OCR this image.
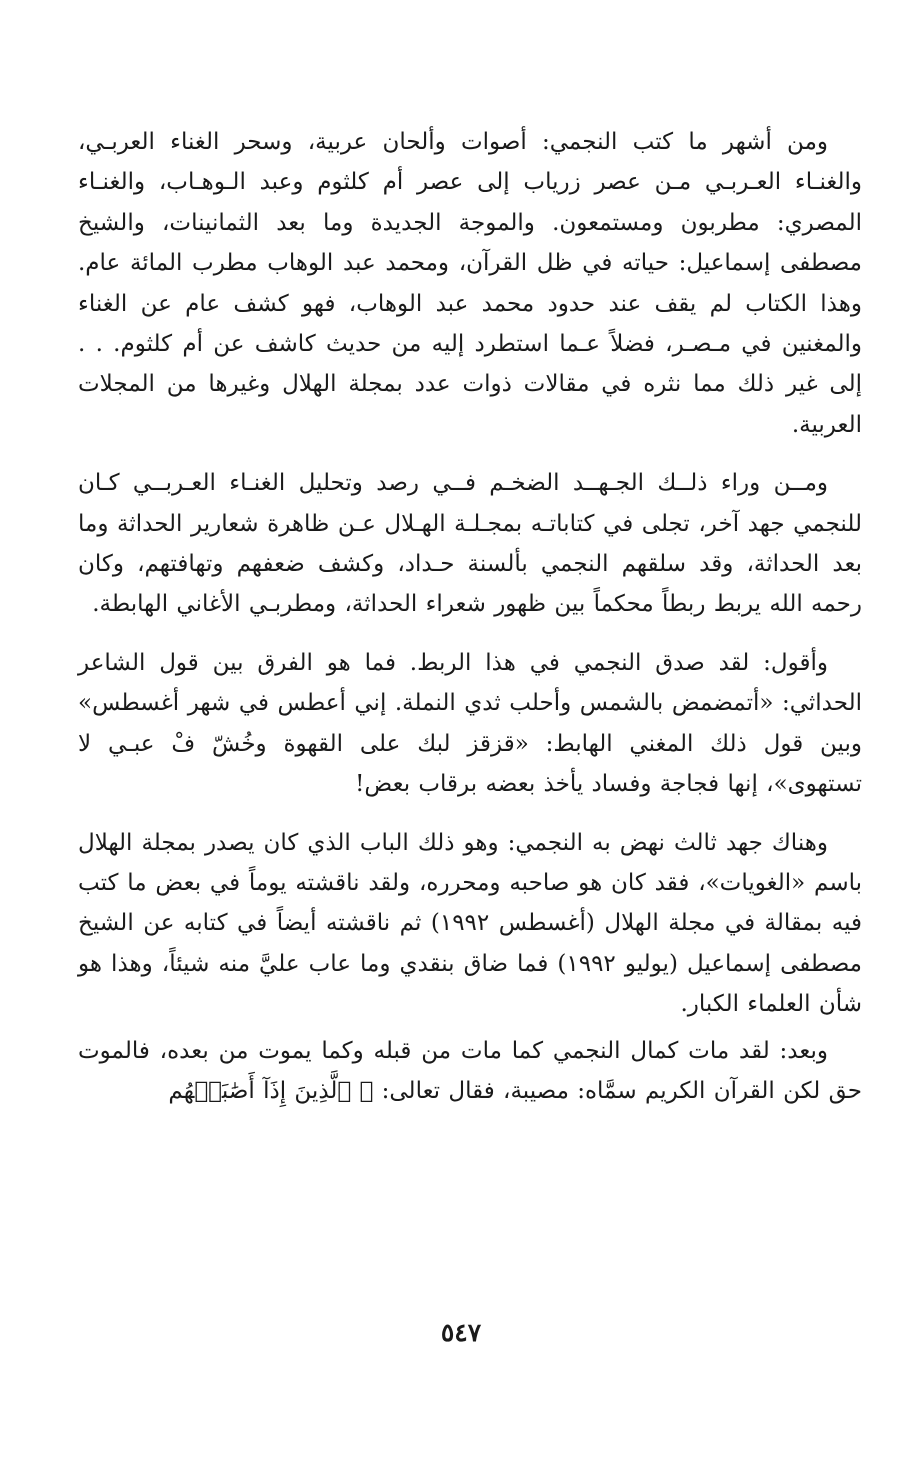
ومن أشهر ما كتب النجمي: أصوات وألحان عربية، وسحر الغناء العربـي، والغنـاء العـربـي مـن عصر زرياب إلى عصر أم كلثوم وعبد الـوهـاب، والغنـاء المصري: مطربون ومستمعون. والموجة الجديدة وما بعد الثمانينات، والشيخ مصطفى إسماعيل: حياته في ظل القرآن، ومحمد عبد الوهاب مطرب المائة عام. وهذا الكتاب لم يقف عند حدود محمد عبد الوهاب، فهو كشف عام عن الغناء والمغنين في مـصـر، فضلاً عـما استطرد إليه من حديث كاشف عن أم كلثوم. . . إلى غير ذلك مما نثره في مقالات ذوات عدد بمجلة الهلال وغيرها من المجلات العربية.

ومــن وراء ذلــك الجـهــد الضخـم فــي رصد وتحليل الغنـاء العـربــي كـان للنجمي جهد آخر، تجلى في كتاباتـه بمجـلـة الهـلال عـن ظاهرة شعارير الحداثة وما بعد الحداثة، وقد سلقهم النجمي بألسنة حـداد، وكشف ضعفهم وتهافتهم، وكان رحمه الله يربط ربطاً محكماً بين ظهور شعراء الحداثة، ومطربـي الأغاني الهابطة.

وأقول: لقد صدق النجمي في هذا الربط. فما هو الفرق بين قول الشاعر الحداثي: «أتمضمض بالشمس وأحلب ثدي النملة. إني أعطس في شهر أغسطس» وبين قول ذلك المغني الهابط: «قزقز لبك على القهوة وخُشّ فْ عبـي لا تستهوى»، إنها فجاجة وفساد يأخذ بعضه برقاب بعض!

وهناك جهد ثالث نهض به النجمي: وهو ذلك الباب الذي كان يصدر بمجلة الهلال باسم «الغويات»، فقد كان هو صاحبه ومحرره، ولقد ناقشته يوماً في بعض ما كتب فيه بمقالة في مجلة الهلال (أغسطس ١٩٩٢) ثم ناقشته أيضاً في كتابه عن الشيخ مصطفى إسماعيل (يوليو ١٩٩٢) فما ضاق بنقدي وما عاب عليَّ منه شيئاً، وهذا هو شأن العلماء الكبار.

وبعد: لقد مات كمال النجمي كما مات من قبله وكما يموت من بعده، فالموت حق لكن القرآن الكريم سمَّاه: مصيبة، فقال تعالى: ﴿ ٱلَّذِينَ إِذَآ أَصَٰبَتۡهُم

٥٤٧
